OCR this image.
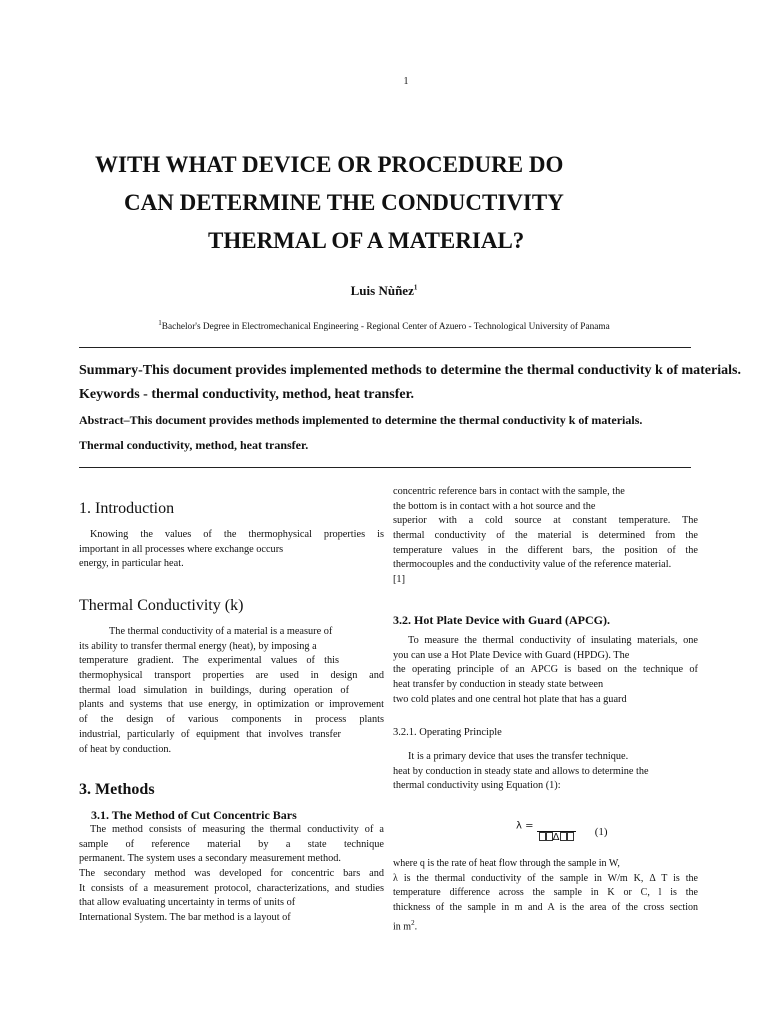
1
WITH WHAT DEVICE OR PROCEDURE DO
CAN DETERMINE THE CONDUCTIVITY
THERMAL OF A MATERIAL?
Luis Nùñez$^1$
$^1$Bachelor's Degree in Electromechanical Engineering - Regional Center of Azuero - Technological University of Panama
Summary-This document provides implemented methods to determine the thermal conductivity k of materials.
Keywords - thermal conductivity, method, heat transfer.
Abstract–This document provides methods implemented to determine the thermal conductivity k of materials.
Thermal conductivity, method, heat transfer.
1. Introduction
Knowing the values of the thermophysical properties is
important in all processes where exchange occurs
energy, in particular heat.
Thermal Conductivity (k)
The thermal conductivity of a material is a measure of
its ability to transfer thermal energy (heat), by imposing a
temperature gradient. The experimental values of this
thermophysical transport properties are used in design and
thermal load simulation in buildings, during operation of
plants and systems that use energy, in optimization or improvement
of the design of various components in process plants
industrial, particularly of equipment that involves transfer
of heat by conduction.
3. Methods
3.1. The Method of Cut Concentric Bars
The method consists of measuring the thermal conductivity of a
sample of reference material by a state technique
permanent. The system uses a secondary measurement method.
The secondary method was developed for concentric bars and
It consists of a measurement protocol, characterizations, and studies
that allow evaluating uncertainty in terms of units of
International System. The bar method is a layout of
concentric reference bars in contact with the sample, the
the bottom is in contact with a hot source and the
superior with a cold source at constant temperature. The
thermal conductivity of the material is determined from the
temperature values in the different bars, the position of the
thermocouples and the conductivity value of the reference material.
[1]
3.2. Hot Plate Device with Guard (APCG).
To measure the thermal conductivity of insulating materials, one
you can use a Hot Plate Device with Guard (HPDG). The
the operating principle of an APCG is based on the technique of
heat transfer by conduction in steady state between
two cold plates and one central hot plate that has a guard
3.2.1. Operating Principle
It is a primary device that uses the transfer technique.
heat by conduction in steady state and allows to determine the
thermal conductivity using Equation (1):
λ =

Δ	(1)
where q is the rate of heat flow through the sample in W,
λ is the thermal conductivity of the sample in W/m K, Δ T is the
temperature difference across the sample in K or C, l is the
thickness of the sample in m and A is the area of the cross section
in $m^2$.
